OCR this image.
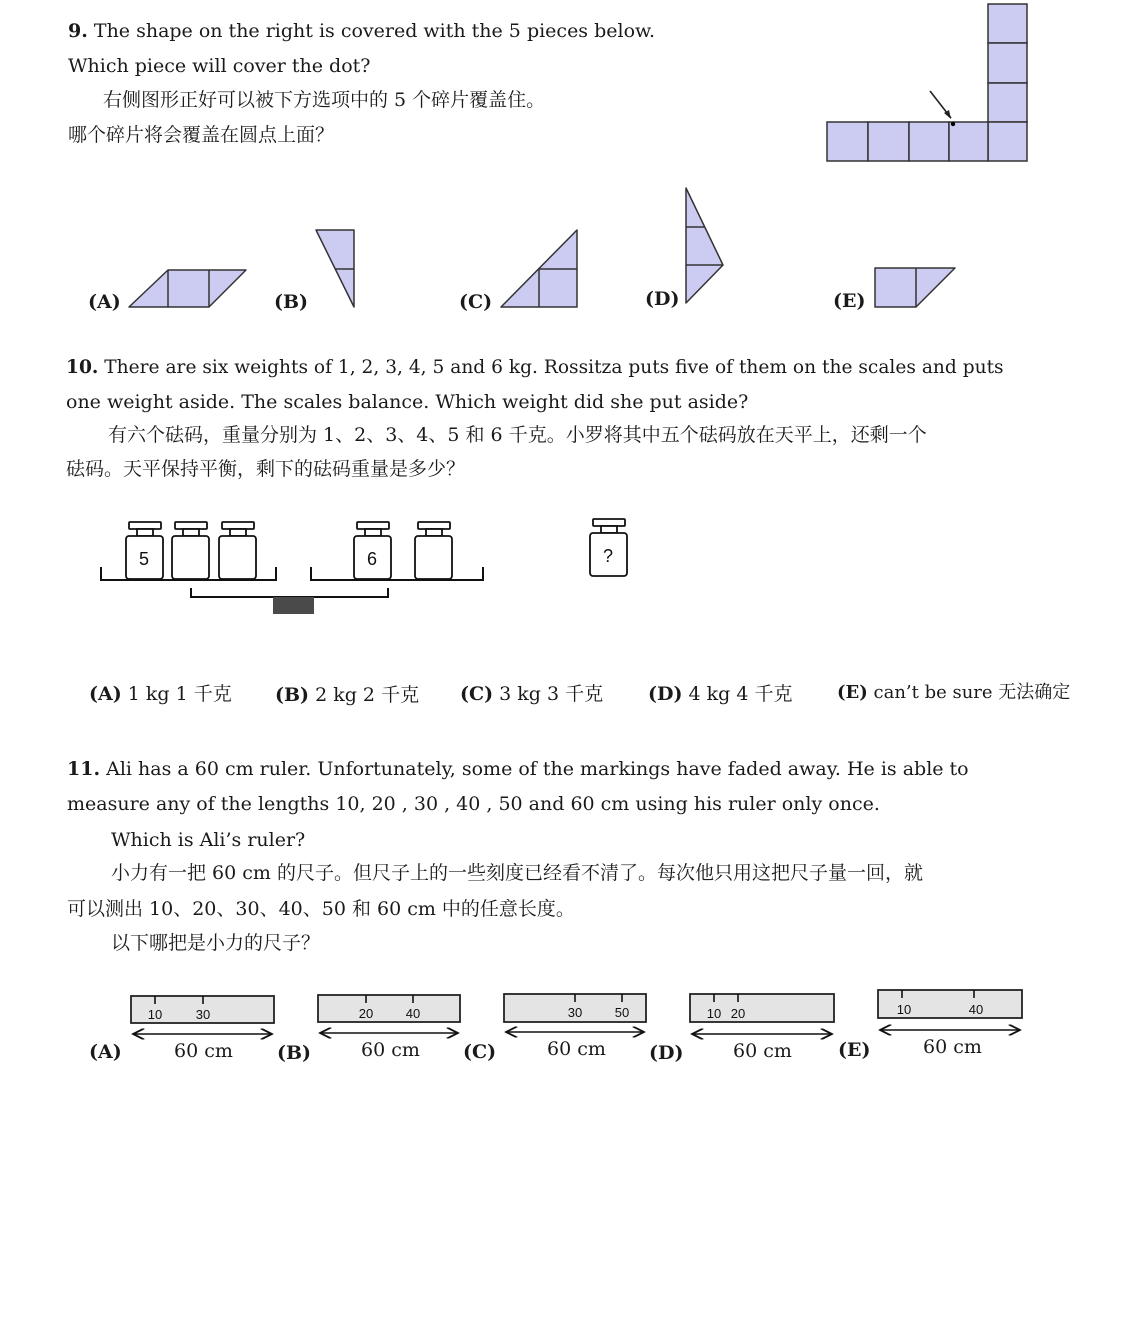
9. The shape on the right is covered with the 5 pieces below.
Which piece will cover the dot?
右侧图形正好可以被下方选项中的 5 个碎片覆盖住。
哪个碎片将会覆盖在圆点上面？
(A)	(B)	(C)	(D)	(E)
10. There are six weights of 1, 2, 3, 4, 5 and 6 kg. Rossitza puts five of them on the scales and puts
one weight aside. The scales balance. Which weight did she put aside?
有六个砝码，重量分别为 1、2、3、4、5 和 6 千克。小罗将其中五个砝码放在天平上，还剩一个
砝码。天平保持平衡，剩下的砝码重量是多少？
5	6	?
(A) 1 kg 1 千克 (B) 2 kg 2 千克 (C) 3 kg 3 千克 (D) 4 kg 4 千克 (E) can’t be sure 无法确定
11. Ali has a 60 cm ruler. Unfortunately, some of the markings have faded away. He is able to
measure any of the lengths 10, 20 , 30 , 40 , 50 and 60 cm using his ruler only once.
Which is Ali’s ruler?
小力有一把 60 cm 的尺子。但尺子上的一些刻度已经看不清了。每次他只用这把尺子量一回，就
可以测出 10、20、30、40、50 和 60 cm 中的任意长度。
以下哪把是小力的尺子？
10	30	20	40	30	50	10 20	10	40
60 cm	60 cm	60 cm	60 cm	60 cm
(A)	(B)	(C)	(D)	(E)
